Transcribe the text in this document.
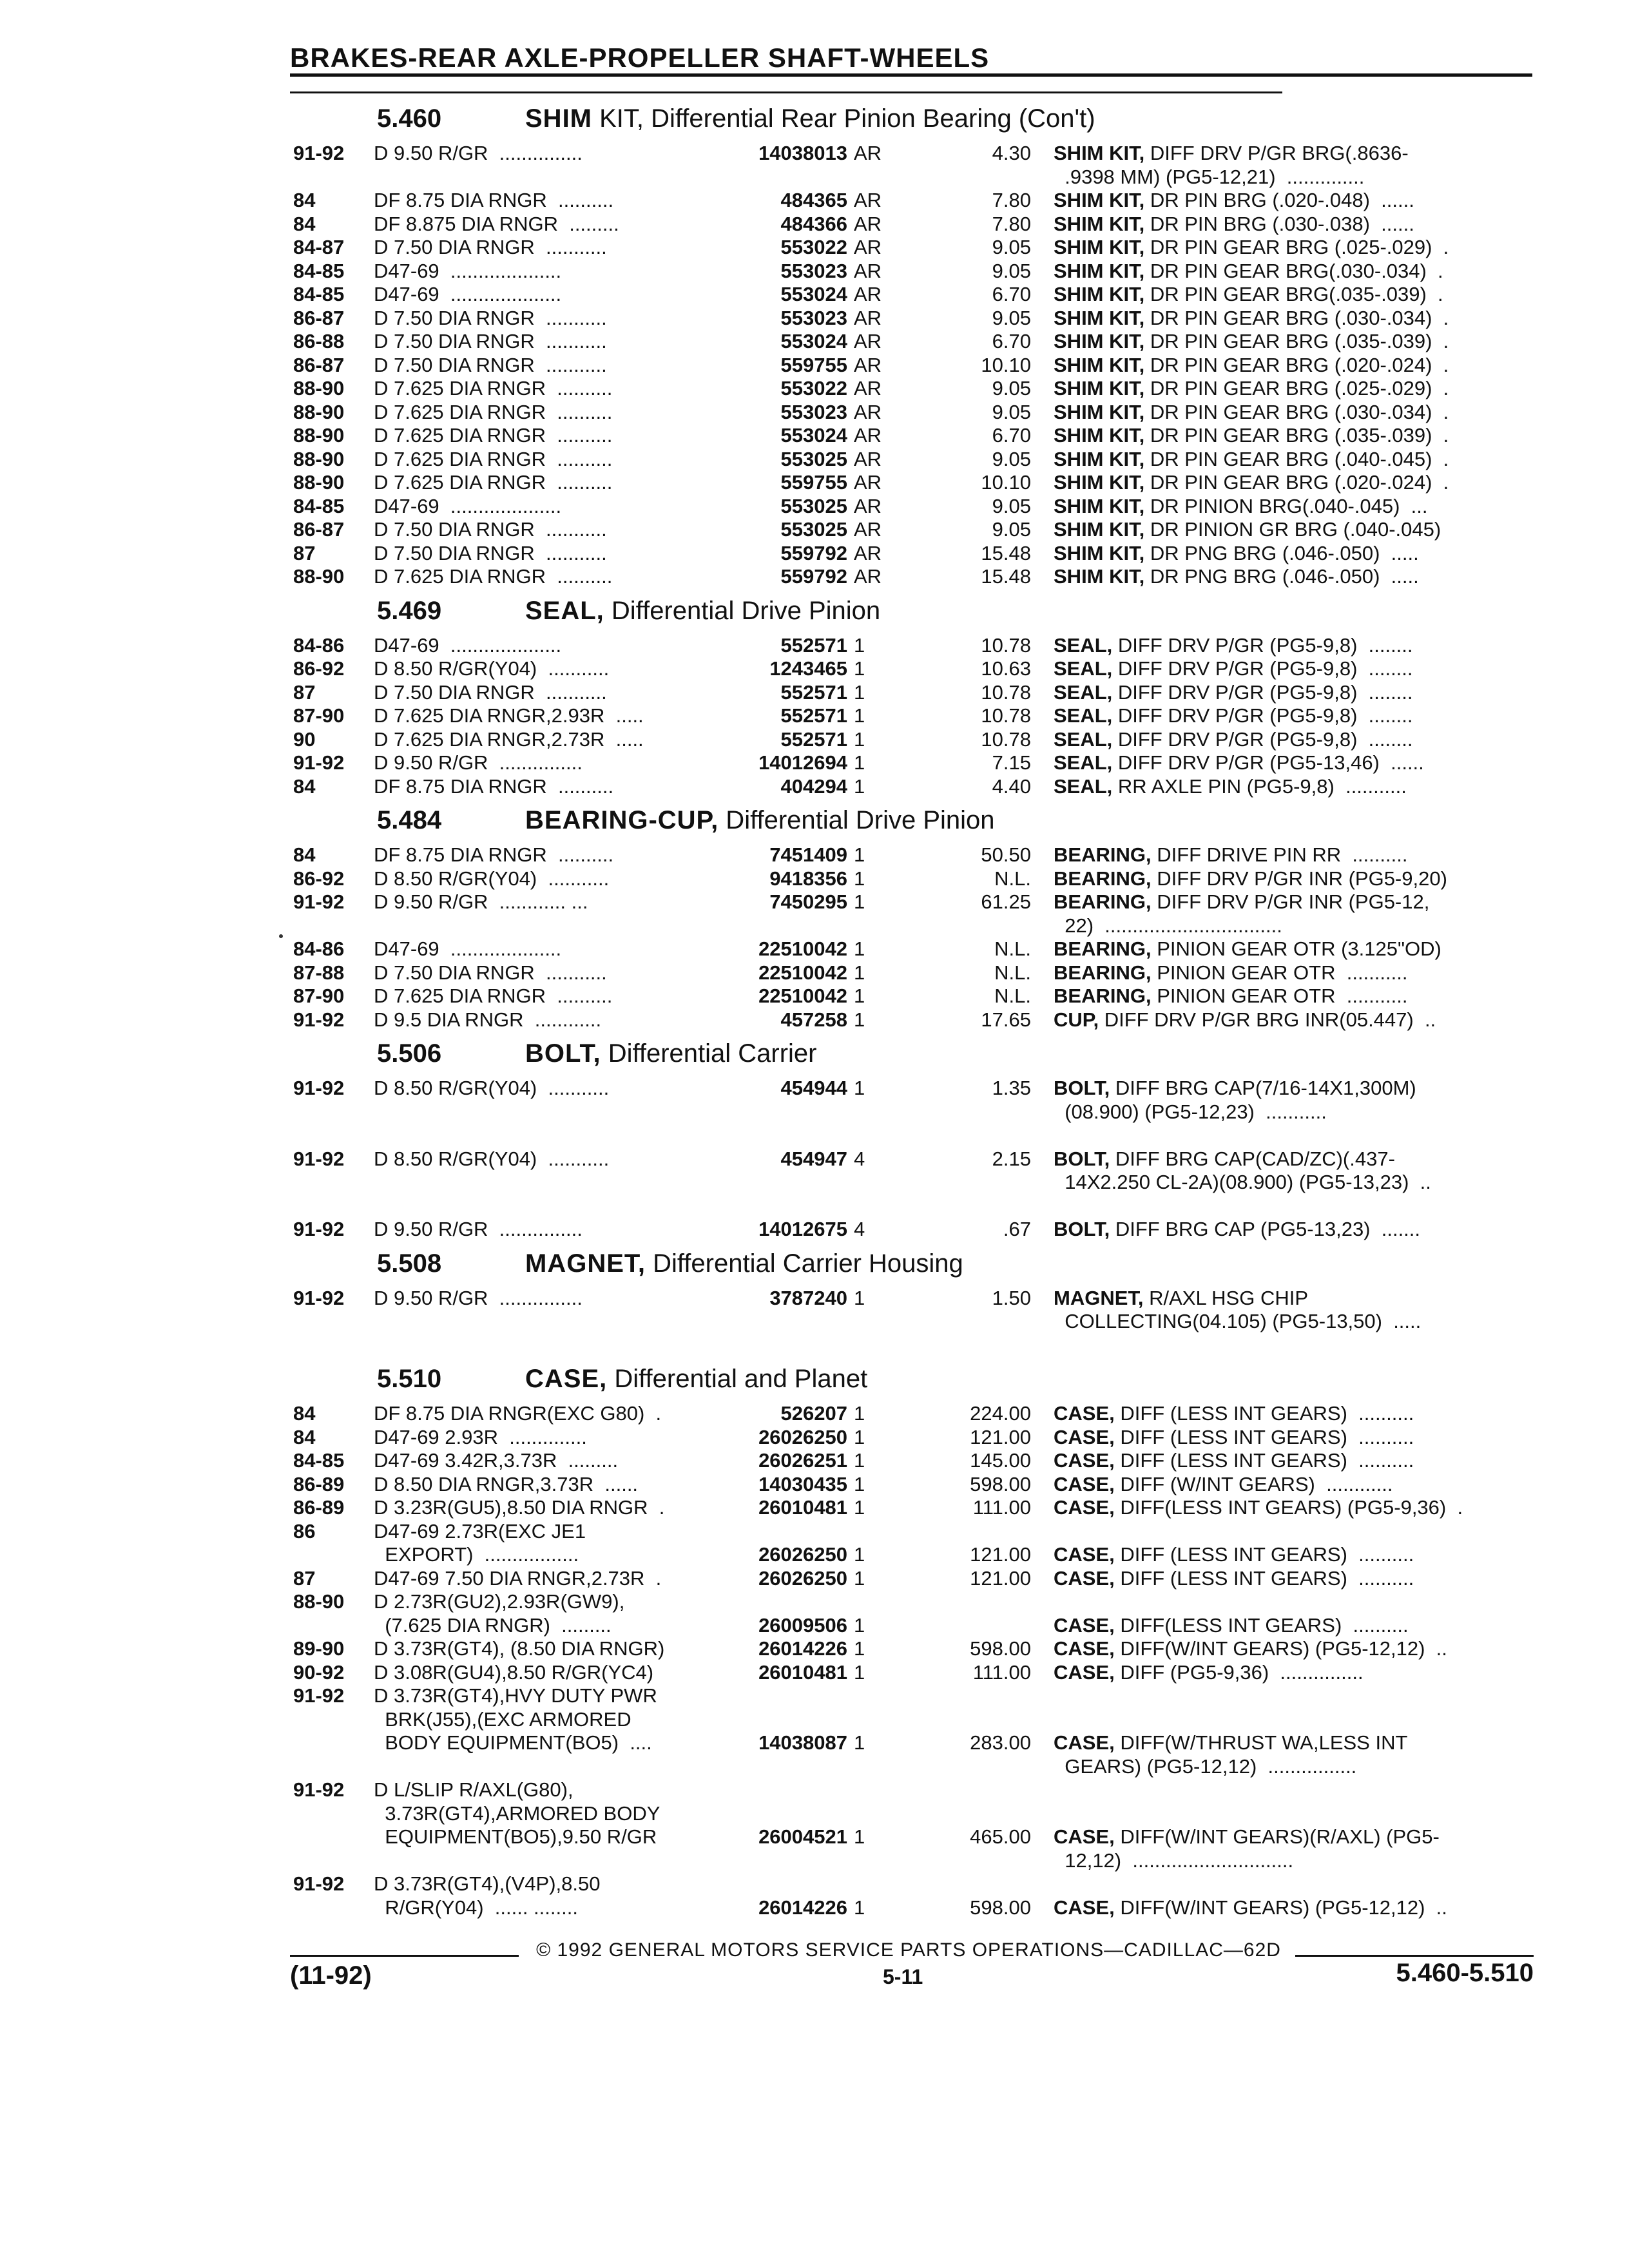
BRAKES-REAR AXLE-PROPELLER SHAFT-WHEELS
5.460	SHIM KIT, Differential Rear Pinion Bearing (Con't)
91-92 D 9.50 R/GR  ...............	14038013 AR	4.30 SHIM KIT, DIFF DRV P/GR BRG(.8636-
.9398 MM) (PG5-12,21)  ..............
84	DF 8.75 DIA RNGR  ..........	484365 AR	7.80 SHIM KIT, DR PIN BRG (.020-.048)  ......
84	DF 8.875 DIA RNGR  .........	484366 AR	7.80 SHIM KIT, DR PIN BRG (.030-.038)  ......
84-87 D 7.50 DIA RNGR  ...........	553022 AR	9.05 SHIM KIT, DR PIN GEAR BRG (.025-.029)  .
84-85 D47-69  ....................	553023 AR	9.05 SHIM KIT, DR PIN GEAR BRG(.030-.034)  .
84-85 D47-69  ....................	553024 AR	6.70 SHIM KIT, DR PIN GEAR BRG(.035-.039)  .
86-87 D 7.50 DIA RNGR  ...........	553023 AR	9.05 SHIM KIT, DR PIN GEAR BRG (.030-.034)  .
86-88 D 7.50 DIA RNGR  ...........	553024 AR	6.70 SHIM KIT, DR PIN GEAR BRG (.035-.039)  .
86-87 D 7.50 DIA RNGR  ...........	559755 AR	10.10 SHIM KIT, DR PIN GEAR BRG (.020-.024)  .
88-90 D 7.625 DIA RNGR  ..........	553022 AR	9.05 SHIM KIT, DR PIN GEAR BRG (.025-.029)  .
88-90 D 7.625 DIA RNGR  ..........	553023 AR	9.05 SHIM KIT, DR PIN GEAR BRG (.030-.034)  .
88-90 D 7.625 DIA RNGR  ..........	553024 AR	6.70 SHIM KIT, DR PIN GEAR BRG (.035-.039)  .
88-90 D 7.625 DIA RNGR  ..........	553025 AR	9.05 SHIM KIT, DR PIN GEAR BRG (.040-.045)  .
88-90 D 7.625 DIA RNGR  ..........	559755 AR	10.10 SHIM KIT, DR PIN GEAR BRG (.020-.024)  .
84-85 D47-69  ....................	553025 AR	9.05 SHIM KIT, DR PINION BRG(.040-.045)  ...
86-87 D 7.50 DIA RNGR  ...........	553025 AR	9.05 SHIM KIT, DR PINION GR BRG (.040-.045)
87	D 7.50 DIA RNGR  ...........	559792 AR	15.48 SHIM KIT, DR PNG BRG (.046-.050)  .....
88-90 D 7.625 DIA RNGR  ..........	559792 AR	15.48 SHIM KIT, DR PNG BRG (.046-.050)  .....
5.469	SEAL, Differential Drive Pinion
84-86 D47-69  ....................	552571 1	10.78 SEAL, DIFF DRV P/GR (PG5-9,8)  ........
86-92 D 8.50 R/GR(Y04)  ...........	1243465 1	10.63 SEAL, DIFF DRV P/GR (PG5-9,8)  ........
87	D 7.50 DIA RNGR  ...........	552571 1	10.78 SEAL, DIFF DRV P/GR (PG5-9,8)  ........
87-90 D 7.625 DIA RNGR,2.93R  .....	552571 1	10.78 SEAL, DIFF DRV P/GR (PG5-9,8)  ........
90	D 7.625 DIA RNGR,2.73R  .....	552571 1	10.78 SEAL, DIFF DRV P/GR (PG5-9,8)  ........
91-92 D 9.50 R/GR  ...............	14012694 1	7.15 SEAL, DIFF DRV P/GR (PG5-13,46)  ......
84	DF 8.75 DIA RNGR  ..........	404294 1	4.40 SEAL, RR AXLE PIN (PG5-9,8)  ...........
5.484	BEARING-CUP, Differential Drive Pinion
84	DF 8.75 DIA RNGR  ..........	7451409 1	50.50 BEARING, DIFF DRIVE PIN RR  ..........
86-92 D 8.50 R/GR(Y04)  ...........	9418356 1	N.L. BEARING, DIFF DRV P/GR INR (PG5-9,20)
91-92 D 9.50 R/GR  ............ ...	7450295 1	61.25 BEARING, DIFF DRV P/GR INR (PG5-12,
22)  ................................
84-86 D47-69  ....................	22510042 1	N.L. BEARING, PINION GEAR OTR (3.125"OD)
87-88 D 7.50 DIA RNGR  ...........	22510042 1	N.L. BEARING, PINION GEAR OTR  ...........
87-90 D 7.625 DIA RNGR  ..........	22510042 1	N.L. BEARING, PINION GEAR OTR  ...........
91-92 D 9.5 DIA RNGR  ............	457258 1	17.65 CUP, DIFF DRV P/GR BRG INR(05.447)  ..
5.506	BOLT, Differential Carrier
91-92 D 8.50 R/GR(Y04)  ...........	454944 1	1.35 BOLT, DIFF BRG CAP(7/16-14X1,300M)
(08.900) (PG5-12,23)  ...........
91-92 D 8.50 R/GR(Y04)  ...........	454947 4	2.15 BOLT, DIFF BRG CAP(CAD/ZC)(.437-
14X2.250 CL-2A)(08.900) (PG5-13,23)  ..
91-92 D 9.50 R/GR  ...............	14012675 4	.67 BOLT, DIFF BRG CAP (PG5-13,23)  .......
5.508	MAGNET, Differential Carrier Housing
91-92 D 9.50 R/GR  ...............	3787240 1	1.50 MAGNET, R/AXL HSG CHIP
COLLECTING(04.105) (PG5-13,50)  .....
5.510	CASE, Differential and Planet
84	DF 8.75 DIA RNGR(EXC G80)  .	526207 1	224.00 CASE, DIFF (LESS INT GEARS)  ..........
84	D47-69 2.93R  ..............	26026250 1	121.00 CASE, DIFF (LESS INT GEARS)  ..........
84-85 D47-69 3.42R,3.73R  .........	26026251 1	145.00 CASE, DIFF (LESS INT GEARS)  ..........
86-89 D 8.50 DIA RNGR,3.73R  ......	14030435 1	598.00 CASE, DIFF (W/INT GEARS)  ............
86-89 D 3.23R(GU5),8.50 DIA RNGR  .	26010481 1	111.00 CASE, DIFF(LESS INT GEARS) (PG5-9,36)  .
86	D47-69 2.73R(EXC JE1
EXPORT)  .................	26026250 1	121.00 CASE, DIFF (LESS INT GEARS)  ..........
87	D47-69 7.50 DIA RNGR,2.73R  .	26026250 1	121.00 CASE, DIFF (LESS INT GEARS)  ..........
88-90 D 2.73R(GU2),2.93R(GW9),
(7.625 DIA RNGR)  .........	26009506 1	CASE, DIFF(LESS INT GEARS)  ..........
89-90 D 3.73R(GT4), (8.50 DIA RNGR)	26014226 1	598.00 CASE, DIFF(W/INT GEARS) (PG5-12,12)  ..
90-92 D 3.08R(GU4),8.50 R/GR(YC4)	26010481 1	111.00 CASE, DIFF (PG5-9,36)  ...............
91-92 D 3.73R(GT4),HVY DUTY PWR
BRK(J55),(EXC ARMORED
BODY EQUIPMENT(BO5)  ....	14038087 1	283.00 CASE, DIFF(W/THRUST WA,LESS INT
GEARS) (PG5-12,12)  ................
91-92 D L/SLIP R/AXL(G80),
3.73R(GT4),ARMORED BODY
EQUIPMENT(BO5),9.50 R/GR	26004521 1	465.00 CASE, DIFF(W/INT GEARS)(R/AXL) (PG5-
12,12)  .............................
91-92 D 3.73R(GT4),(V4P),8.50
R/GR(Y04)  ...... ........	26014226 1	598.00 CASE, DIFF(W/INT GEARS) (PG5-12,12)  ..
© 1992 GENERAL MOTORS SERVICE PARTS OPERATIONS—CADILLAC—62D
(11-92)	5-11	5.460-5.510
